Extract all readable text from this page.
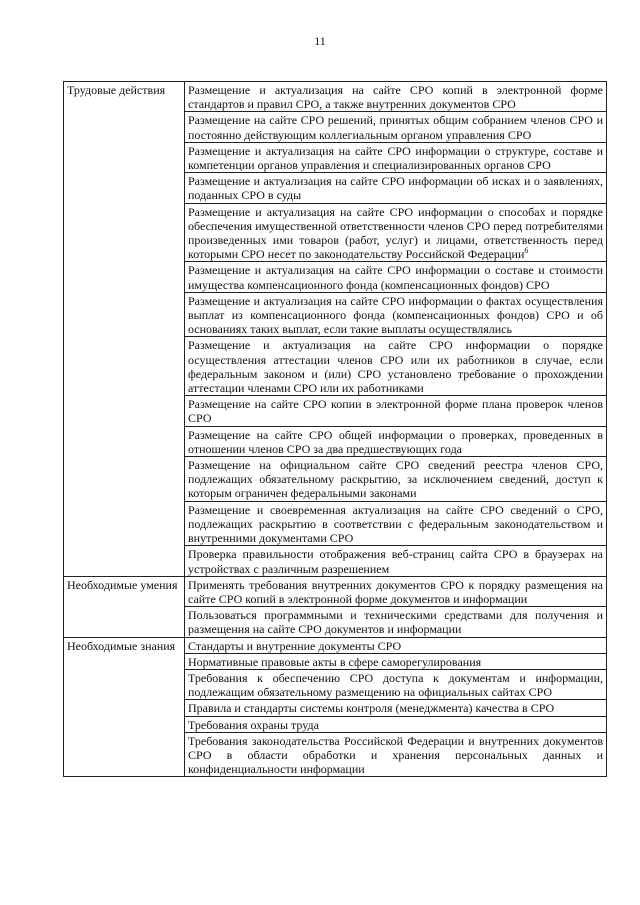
11
Трудовые действия	Размещение и актуализация на сайте СРО копий в электронной форме стандартов и правил СРО, а также внутренних документов СРО
	Размещение на сайте СРО решений, принятых общим собранием членов СРО и постоянно действующим коллегиальным органом управления СРО
	Размещение и актуализация на сайте СРО информации о структуре, составе и компетенции органов управления и специализированных органов СРО
	Размещение и актуализация на сайте СРО информации об исках и о заявлениях, поданных СРО в суды
	Размещение и актуализация на сайте СРО информации о способах и порядке обеспечения имущественной ответственности членов СРО перед потребителями произведенных ими товаров (работ, услуг) и лицами, ответственность перед которыми СРО несет по законодательству Российской Федерации$^6$
	Размещение и актуализация на сайте СРО информации о составе и стоимости имущества компенсационного фонда (компенсационных фондов) СРО
	Размещение и актуализация на сайте СРО информации о фактах осуществления выплат из компенсационного фонда (компенсационных фондов) СРО и об основаниях таких выплат, если такие выплаты осуществлялись
	Размещение и актуализация на сайте СРО информации о порядке осуществления аттестации членов СРО или их работников в случае, если федеральным законом и (или) СРО установлено требование о прохождении аттестации членами СРО или их работниками
	Размещение на сайте СРО копии в электронной форме плана проверок членов СРО
	Размещение на сайте СРО общей информации о проверках, проведенных в отношении членов СРО за два предшествующих года
	Размещение на официальном сайте СРО сведений реестра членов СРО, подлежащих обязательному раскрытию, за исключением сведений, доступ к которым ограничен федеральными законами
	Размещение и своевременная актуализация на сайте СРО сведений о СРО, подлежащих раскрытию в соответствии с федеральным законодательством и внутренними документами СРО
	Проверка правильности отображения веб-страниц сайта СРО в браузерах на устройствах с различным разрешением
Необходимые умения	Применять требования внутренних документов СРО к порядку размещения на сайте СРО копий в электронной форме документов и информации
	Пользоваться программными и техническими средствами для получения и размещения на сайте СРО документов и информации
Необходимые знания	Стандарты и внутренние документы СРО
	Нормативные правовые акты в сфере саморегулирования
	Требования к обеспечению СРО доступа к документам и информации, подлежащим обязательному размещению на официальных сайтах СРО
	Правила и стандарты системы контроля (менеджмента) качества в СРО
	Требования охраны труда
	Требования законодательства Российской Федерации и внутренних документов СРО в области обработки и хранения персональных данных и конфиденциальности информации
